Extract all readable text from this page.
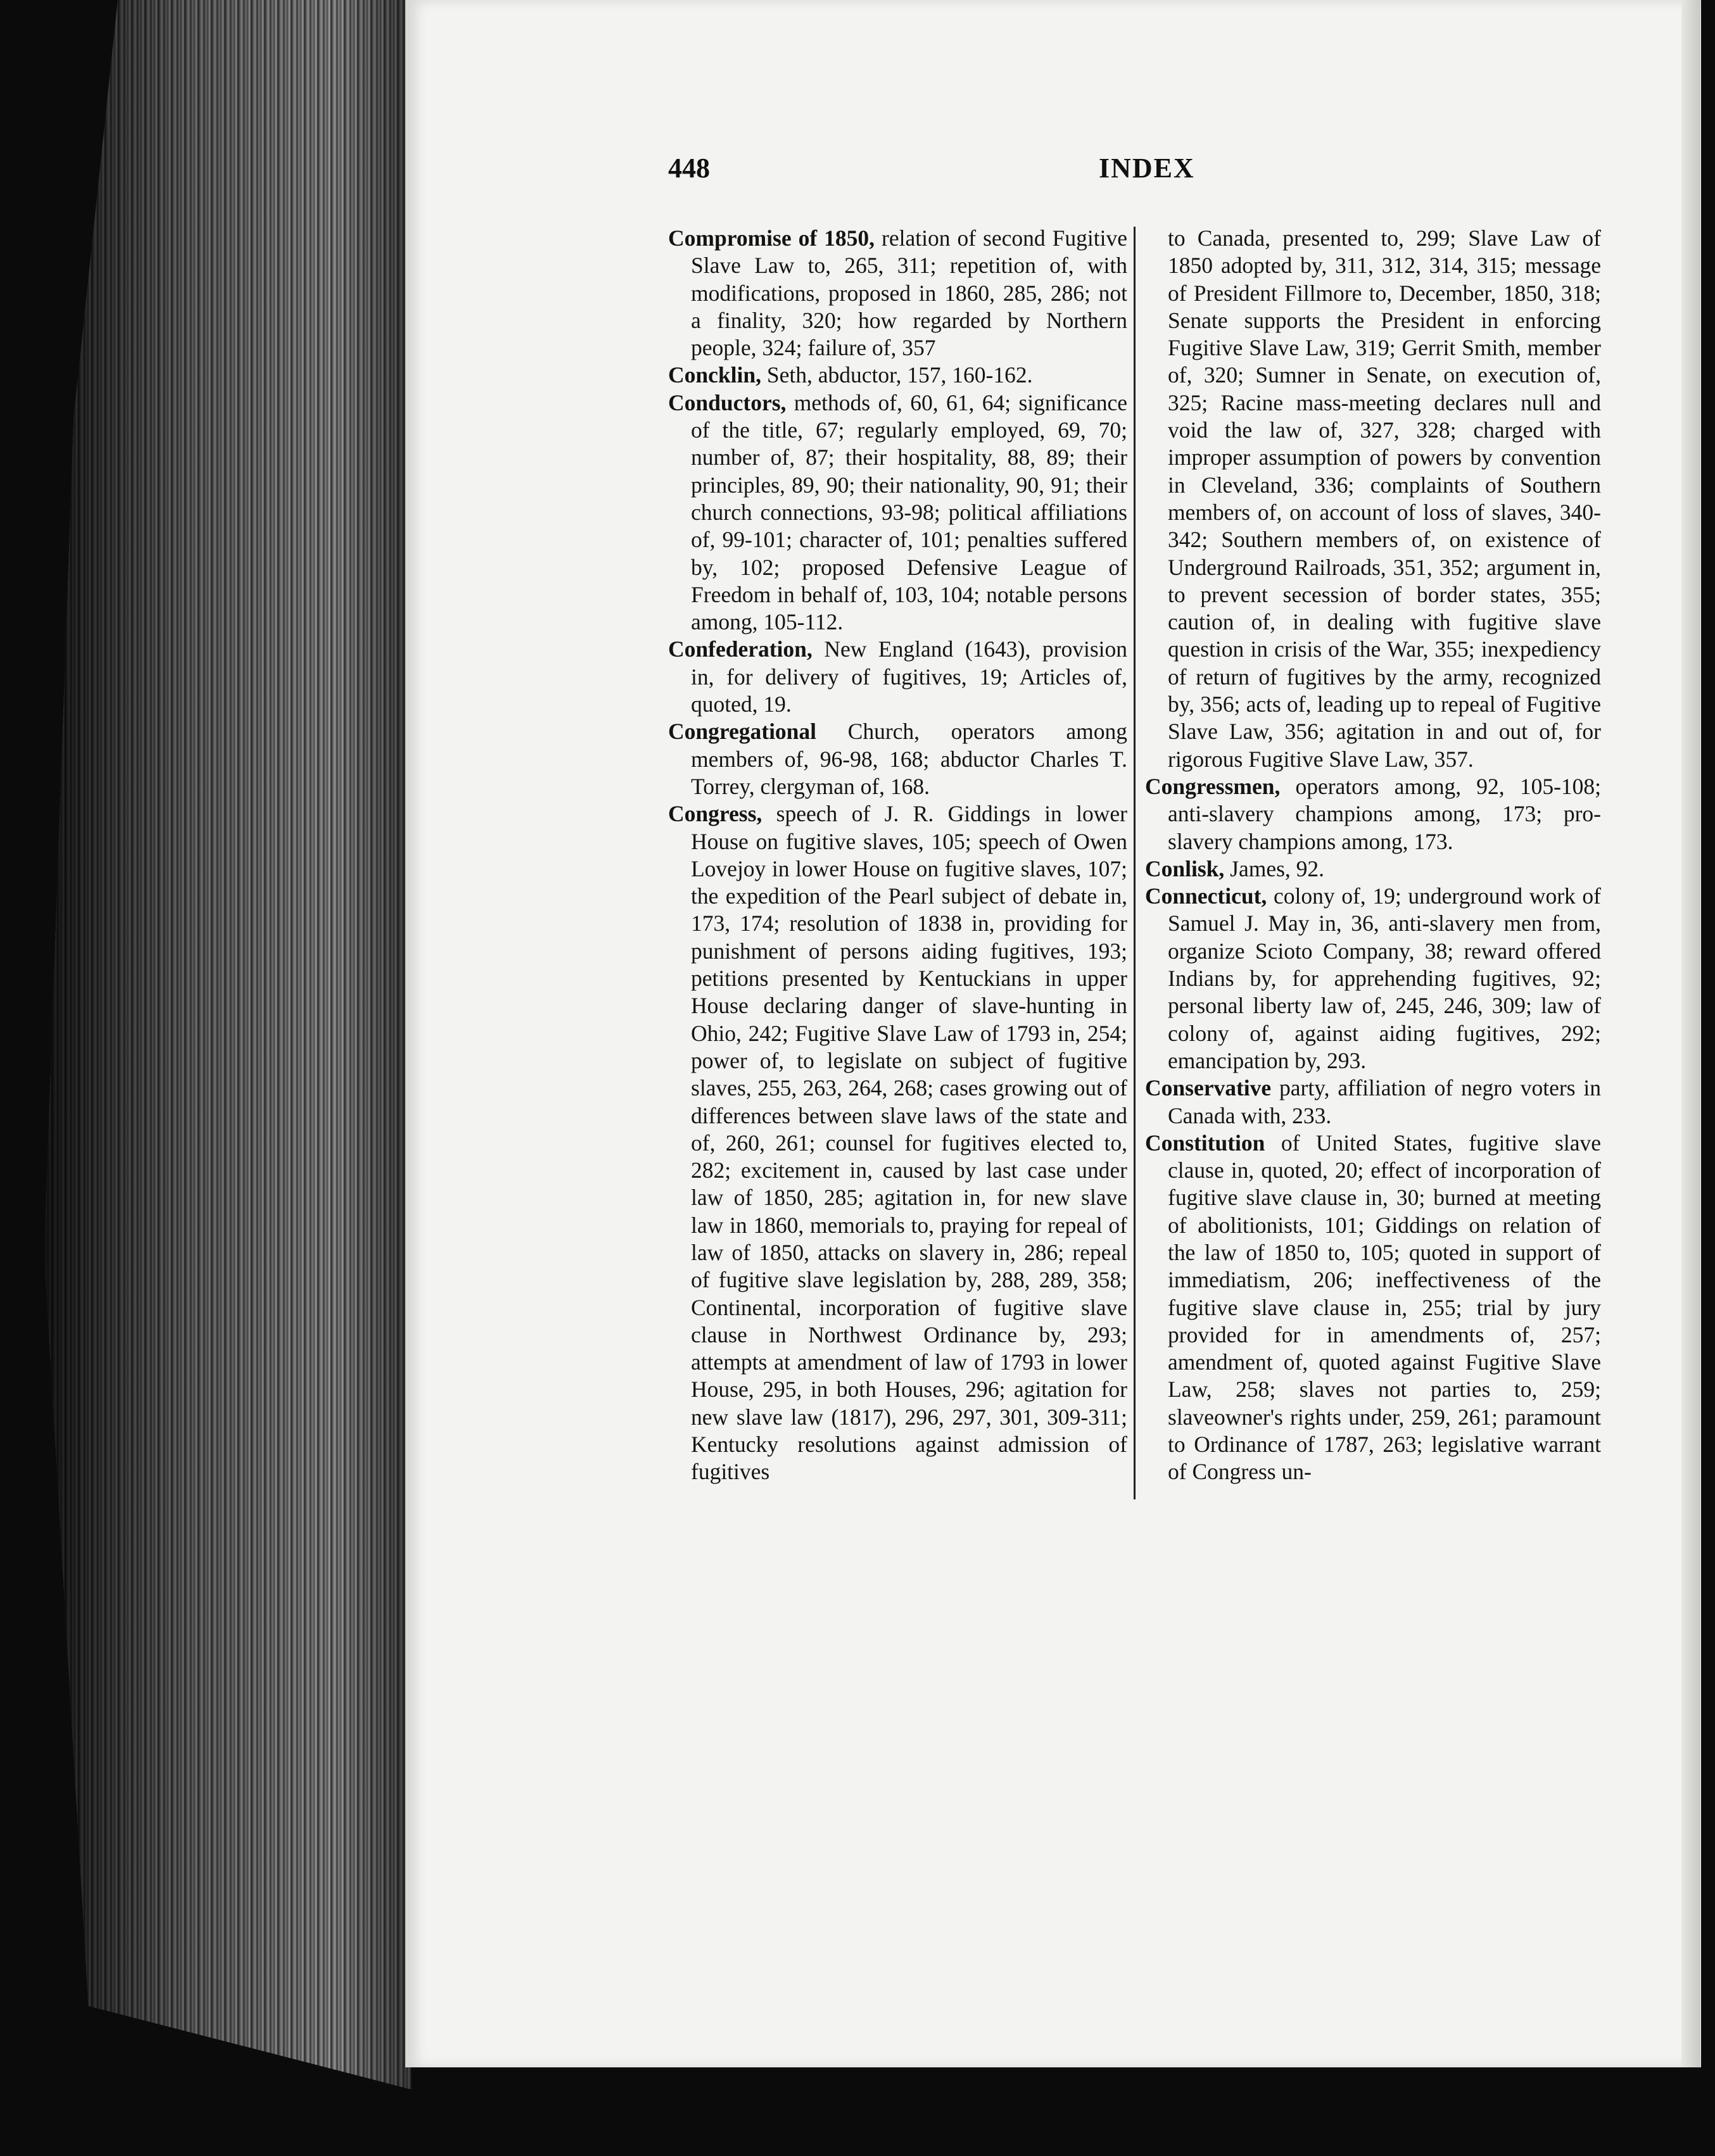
448	INDEX

Compromise of 1850, relation of second Fugitive Slave Law to, 265, 311; repetition of, with modifications, proposed in 1860, 285, 286; not a finality, 320; how regarded by Northern people, 324; failure of, 357

Concklin, Seth, abductor, 157, 160-162.

Conductors, methods of, 60, 61, 64; significance of the title, 67; regularly employed, 69, 70; number of, 87; their hospitality, 88, 89; their principles, 89, 90; their nationality, 90, 91; their church connections, 93-98; political affiliations of, 99-101; character of, 101; penalties suffered by, 102; proposed Defensive League of Freedom in behalf of, 103, 104; notable persons among, 105-112.

Confederation, New England (1643), provision in, for delivery of fugitives, 19; Articles of, quoted, 19.

Congregational Church, operators among members of, 96-98, 168; abductor Charles T. Torrey, clergyman of, 168.

Congress, speech of J. R. Giddings in lower House on fugitive slaves, 105; speech of Owen Lovejoy in lower House on fugitive slaves, 107; the expedition of the Pearl subject of debate in, 173, 174; resolution of 1838 in, providing for punishment of persons aiding fugitives, 193; petitions presented by Kentuckians in upper House declaring danger of slave-hunting in Ohio, 242; Fugitive Slave Law of 1793 in, 254; power of, to legislate on subject of fugitive slaves, 255, 263, 264, 268; cases growing out of differences between slave laws of the state and of, 260, 261; counsel for fugitives elected to, 282; excitement in, caused by last case under law of 1850, 285; agitation in, for new slave law in 1860, memorials to, praying for repeal of law of 1850, attacks on slavery in, 286; repeal of fugitive slave legislation by, 288, 289, 358; Continental, incorporation of fugitive slave clause in Northwest Ordinance by, 293; attempts at amendment of law of 1793 in lower House, 295, in both Houses, 296; agitation for new slave law (1817), 296, 297, 301, 309-311; Kentucky resolutions against admission of fugitives

to Canada, presented to, 299; Slave Law of 1850 adopted by, 311, 312, 314, 315; message of President Fillmore to, December, 1850, 318; Senate supports the President in enforcing Fugitive Slave Law, 319; Gerrit Smith, member of, 320; Sumner in Senate, on execution of, 325; Racine mass-meeting declares null and void the law of, 327, 328; charged with improper assumption of powers by convention in Cleveland, 336; complaints of Southern members of, on account of loss of slaves, 340-342; Southern members of, on existence of Underground Railroads, 351, 352; argument in, to prevent secession of border states, 355; caution of, in dealing with fugitive slave question in crisis of the War, 355; inexpediency of return of fugitives by the army, recognized by, 356; acts of, leading up to repeal of Fugitive Slave Law, 356; agitation in and out of, for rigorous Fugitive Slave Law, 357.

Congressmen, operators among, 92, 105-108; anti-slavery champions among, 173; pro-slavery champions among, 173.

Conlisk, James, 92.

Connecticut, colony of, 19; underground work of Samuel J. May in, 36, anti-slavery men from, organize Scioto Company, 38; reward offered Indians by, for apprehending fugitives, 92; personal liberty law of, 245, 246, 309; law of colony of, against aiding fugitives, 292; emancipation by, 293.

Conservative party, affiliation of negro voters in Canada with, 233.

Constitution of United States, fugitive slave clause in, quoted, 20; effect of incorporation of fugitive slave clause in, 30; burned at meeting of abolitionists, 101; Giddings on relation of the law of 1850 to, 105; quoted in support of immediatism, 206; ineffectiveness of the fugitive slave clause in, 255; trial by jury provided for in amendments of, 257; amendment of, quoted against Fugitive Slave Law, 258; slaves not parties to, 259; slaveowner's rights under, 259, 261; paramount to Ordinance of 1787, 263; legislative warrant of Congress un-
